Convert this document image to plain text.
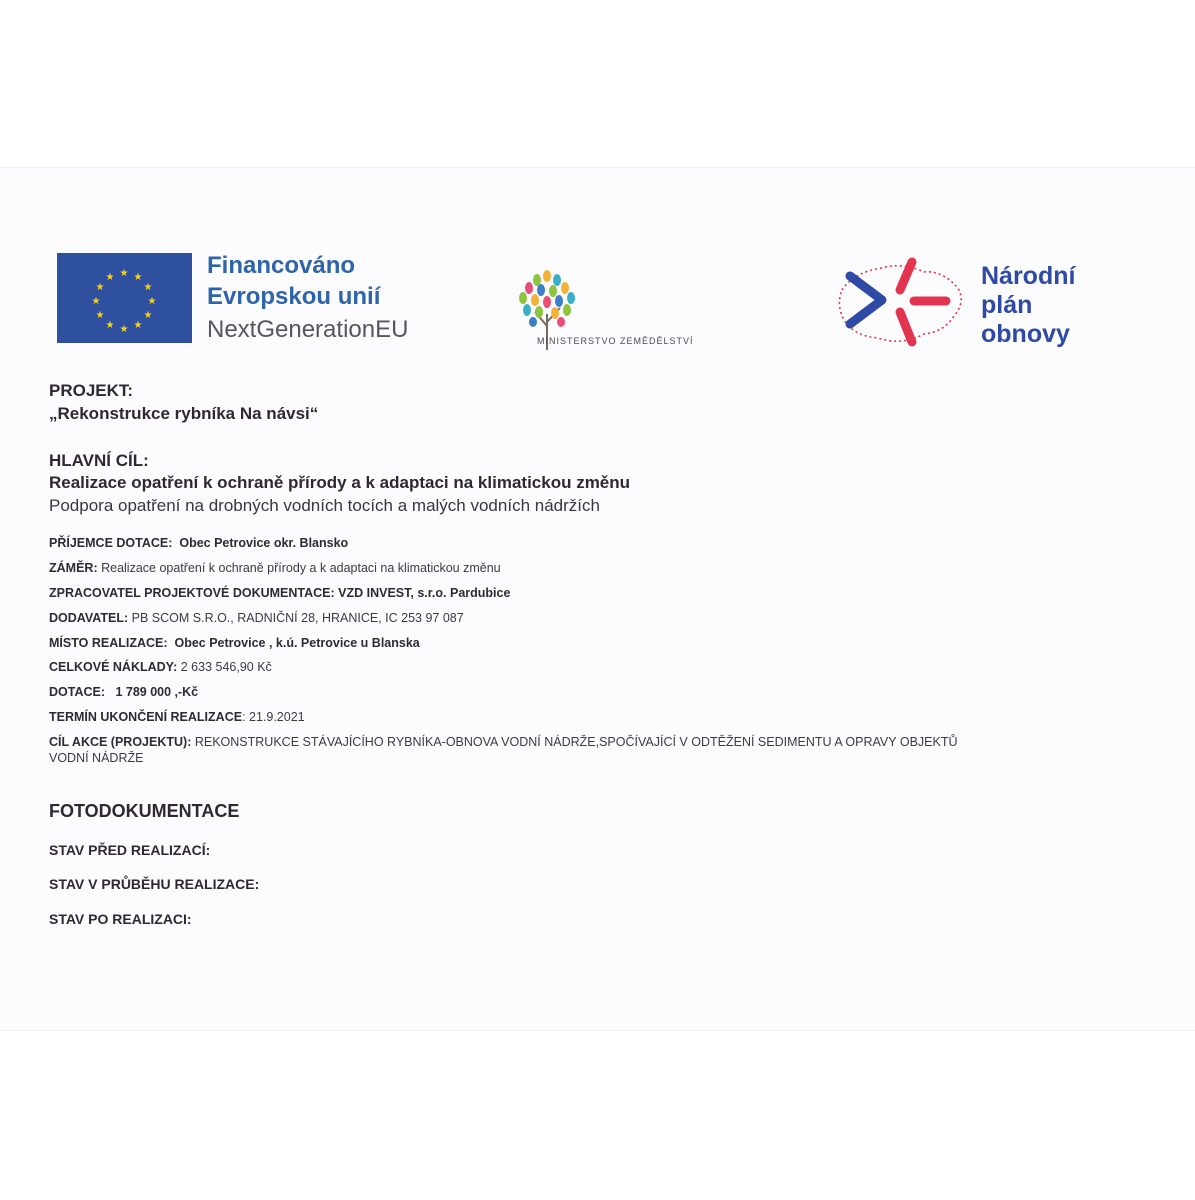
★ ★
★
★
★
★
★
★
★
★
★
★	Financováno
Evropskou unií
NextGenerationEU	MINISTERSTVO ZEMĚDĚLSTVÍ
Národní
plán
obnovy
PROJEKT:
„Rekonstrukce rybníka Na návsi“
HLAVNÍ CÍL:
Realizace opatření k ochraně přírody a k adaptaci na klimatickou změnu
Podpora opatření na drobných vodních tocích a malých vodních nádržích
PŘÍJEMCE DOTACE: Obec Petrovice okr. Blansko
ZÁMĚR: Realizace opatření k ochraně přírody a k adaptaci na klimatickou změnu
ZPRACOVATEL PROJEKTOVÉ DOKUMENTACE: VZD INVEST, s.r.o. Pardubice
DODAVATEL: PB SCOM S.R.O., RADNIČNÍ 28, HRANICE, IC 253 97 087
MÍSTO REALIZACE: Obec Petrovice , k.ú. Petrovice u Blanska
CELKOVÉ NÁKLADY: 2 633 546,90 Kč
DOTACE: 1 789 000 ,-Kč
TERMÍN UKONČENÍ REALIZACE: 21.9.2021
CÍL AKCE (PROJEKTU): REKONSTRUKCE STÁVAJÍCÍHO RYBNÍKA-OBNOVA VODNÍ NÁDRŽE,SPOČÍVAJÍCÍ V ODTĚŽENÍ SEDIMENTU A OPRAVY OBJEKTŮ
VODNÍ NÁDRŽE
FOTODOKUMENTACE
STAV PŘED REALIZACÍ:
STAV V PRŮBĚHU REALIZACE:
STAV PO REALIZACI:
